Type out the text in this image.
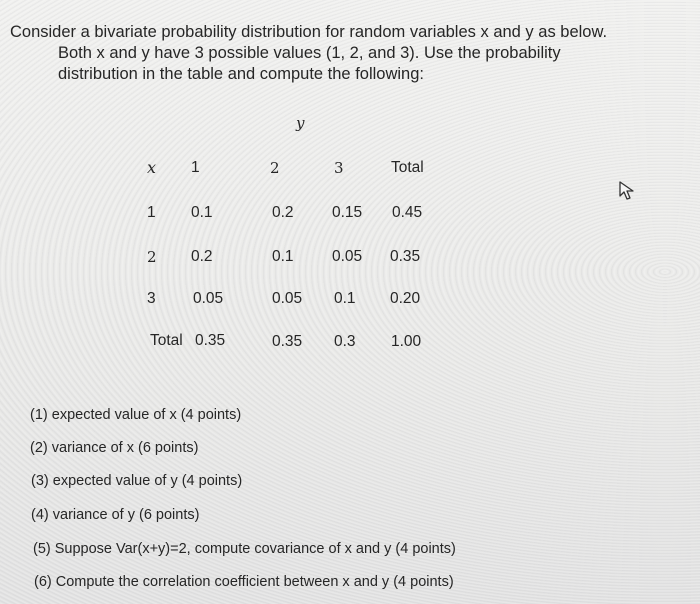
Consider a bivariate probability distribution for random variables x and y as below.
Both x and y have 3 possible values (1, 2, and 3). Use the probability
distribution in the table and compute the following:
y
x 1	2	3	Total
1 0.1	0.2 0.15 0.45
2 0.2	0.1 0.05 0.35
3 0.05	0.05 0.1 0.20
Total 0.35	0.35 0.3 1.00
(1) expected value of x (4 points)
(2) variance of x (6 points)
(3) expected value of y (4 points)
(4) variance of y (6 points)
(5) Suppose Var(x+y)=2, compute covariance of x and y (4 points)
(6) Compute the correlation coefficient between x and y (4 points)
